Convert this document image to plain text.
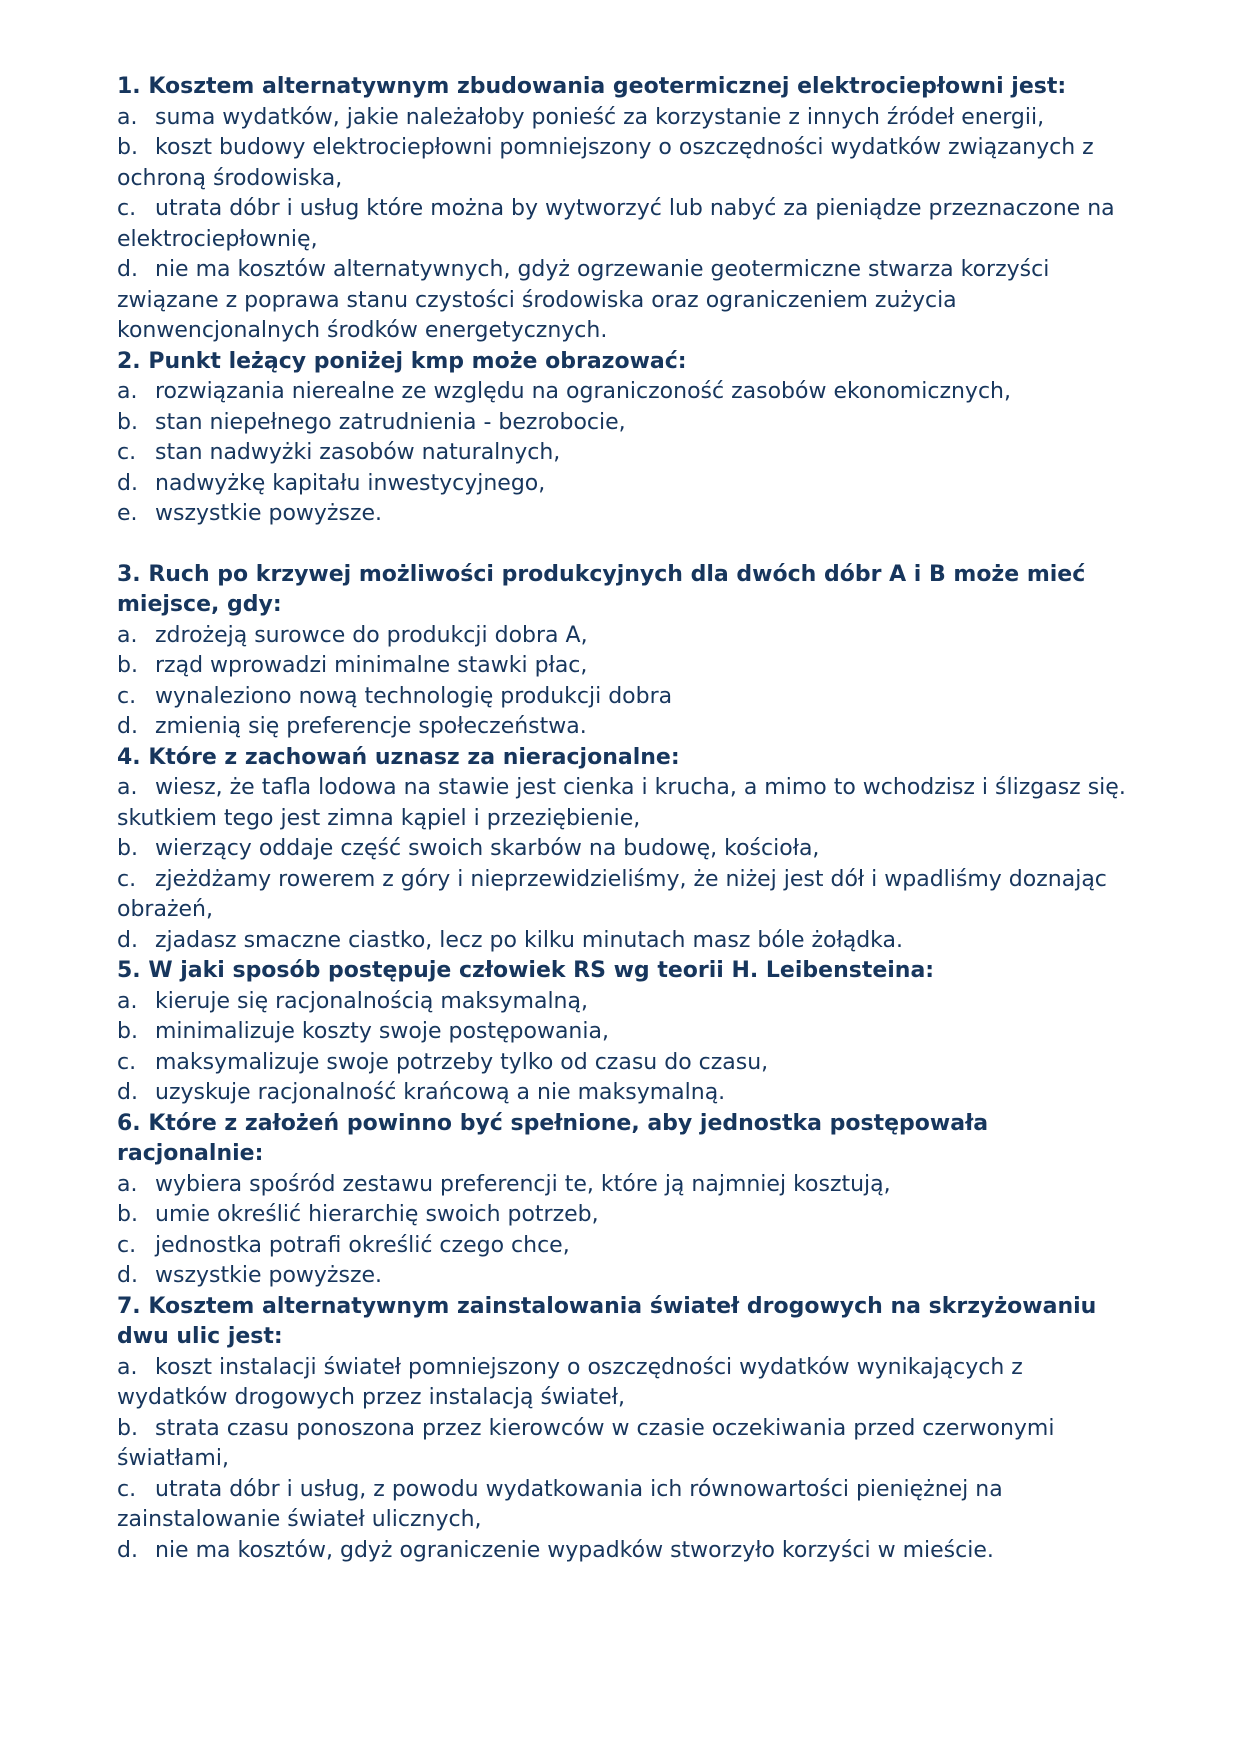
1. Kosztem alternatywnym zbudowania geotermicznej elektrociepłowni jest:

a. suma wydatków, jakie należałoby ponieść za korzystanie z innych źródeł energii,

b. koszt budowy elektrociepłowni pomniejszony o oszczędności wydatków związanych z ochroną środowiska,

c. utrata dóbr i usług które można by wytworzyć lub nabyć za pieniądze przeznaczone na elektrociepłownię,

d. nie ma kosztów alternatywnych, gdyż ogrzewanie geotermiczne stwarza korzyści związane z poprawa stanu czystości środowiska oraz ograniczeniem zużycia konwencjonalnych środków energetycznych.

2. Punkt leżący poniżej kmp może obrazować:

a. rozwiązania nierealne ze względu na ograniczoność zasobów ekonomicznych,

b. stan niepełnego zatrudnienia - bezrobocie,

c. stan nadwyżki zasobów naturalnych,

d. nadwyżkę kapitału inwestycyjnego,

e. wszystkie powyższe.

3. Ruch po krzywej możliwości produkcyjnych dla dwóch dóbr A i B może mieć miejsce, gdy:

a. zdrożeją surowce do produkcji dobra A,

b. rząd wprowadzi minimalne stawki płac,

c. wynaleziono nową technologię produkcji dobra

d. zmienią się preferencje społeczeństwa.

4. Które z zachowań uznasz za nieracjonalne:

a. wiesz, że tafla lodowa na stawie jest cienka i krucha, a mimo to wchodzisz i ślizgasz się. skutkiem tego jest zimna kąpiel i przeziębienie,

b. wierzący oddaje część swoich skarbów na budowę, kościoła,

c. zjeżdżamy rowerem z góry i nieprzewidzieliśmy, że niżej jest dół i wpadliśmy doznając obrażeń,

d. zjadasz smaczne ciastko, lecz po kilku minutach masz bóle żołądka.

5. W jaki sposób postępuje człowiek RS wg teorii H. Leibensteina:

a. kieruje się racjonalnością maksymalną,

b. minimalizuje koszty swoje postępowania,

c. maksymalizuje swoje potrzeby tylko od czasu do czasu,

d. uzyskuje racjonalność krańcową a nie maksymalną.

6. Które z założeń powinno być spełnione, aby jednostka postępowała racjonalnie:

a. wybiera spośród zestawu preferencji te, które ją najmniej kosztują,

b. umie określić hierarchię swoich potrzeb,

c. jednostka potrafi określić czego chce,

d. wszystkie powyższe.

7. Kosztem alternatywnym zainstalowania świateł drogowych na skrzyżowaniu dwu ulic jest:

a. koszt instalacji świateł pomniejszony o oszczędności wydatków wynikających z wydatków drogowych przez instalacją świateł,

b. strata czasu ponoszona przez kierowców w czasie oczekiwania przed czerwonymi światłami,

c. utrata dóbr i usług, z powodu wydatkowania ich równowartości pieniężnej na zainstalowanie świateł ulicznych,

d. nie ma kosztów, gdyż ograniczenie wypadków stworzyło korzyści w mieście.
